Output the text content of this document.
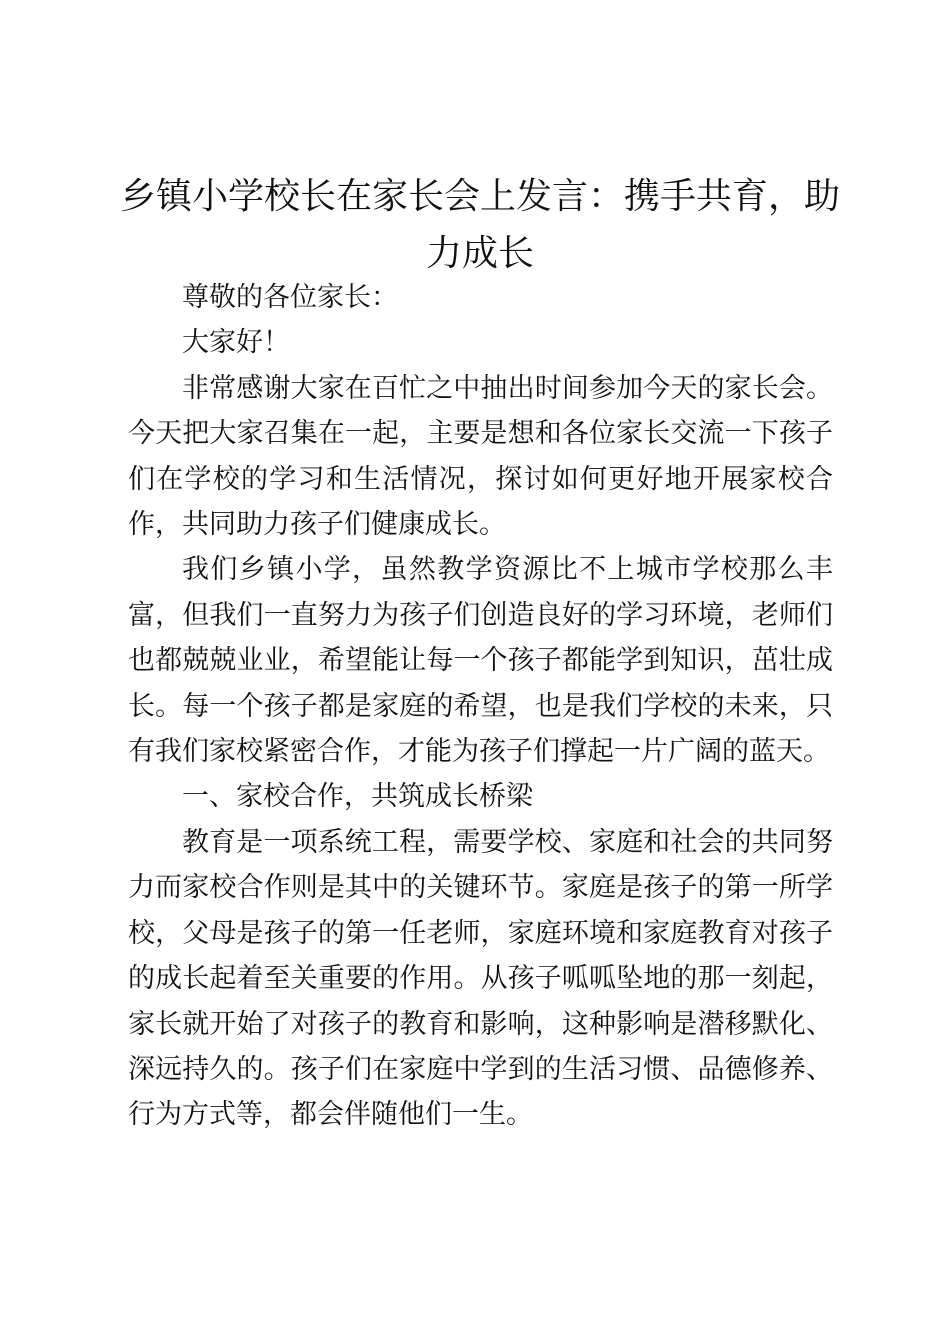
乡镇小学校长在家长会上发言：携手共育，助力成长

尊敬的各位家长：

大家好！

非常感谢大家在百忙之中抽出时间参加今天的家长会。今天把大家召集在一起，主要是想和各位家长交流一下孩子们在学校的学习和生活情况，探讨如何更好地开展家校合作，共同助力孩子们健康成长。

我们乡镇小学，虽然教学资源比不上城市学校那么丰富，但我们一直努力为孩子们创造良好的学习环境，老师们也都兢兢业业，希望能让每一个孩子都能学到知识，茁壮成长。每一个孩子都是家庭的希望，也是我们学校的未来，只有我们家校紧密合作，才能为孩子们撑起一片广阔的蓝天。

一、家校合作，共筑成长桥梁

教育是一项系统工程，需要学校、家庭和社会的共同努力而家校合作则是其中的关键环节。家庭是孩子的第一所学校，父母是孩子的第一任老师，家庭环境和家庭教育对孩子的成长起着至关重要的作用。从孩子呱呱坠地的那一刻起，家长就开始了对孩子的教育和影响，这种影响是潜移默化、深远持久的。孩子们在家庭中学到的生活习惯、品德修养、行为方式等，都会伴随他们一生。
